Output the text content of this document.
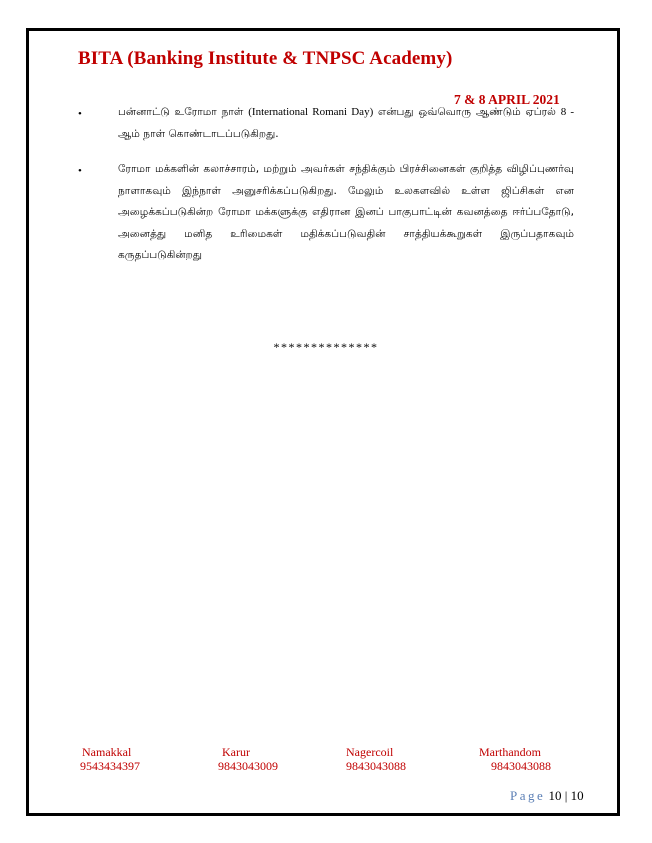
BITA (Banking Institute & TNPSC Academy)
7 & 8 APRIL 2021
•	பன்னாட்டு உரோமா நாள் (International Romani Day) என்பது ஒவ்வொரு ஆண்டும் ஏப்ரல் 8 - ஆம் நாள் கொண்டாடப்படுகிறது.
•	ரோமா மக்களின் கலாச்சாரம், மற்றும் அவர்கள் சந்திக்கும் பிரச்சினைகள் குறித்த விழிப்புணர்வு நாளாகவும் இந்நாள் அனுசரிக்கப்படுகிறது. மேலும் உலகளவில் உள்ள ஜிப்சிகள் என அழைக்கப்படுகின்ற ரோமா மக்களுக்கு எதிரான இனப் பாகுபாட்டின் கவனத்தை ஈர்ப்பதோடு, அனைத்து மனித உரிமைகள் மதிக்கப்படுவதின் சாத்தியக்கூறுகள் இருப்பதாகவும் கருதப்படுகின்றது
**************
Namakkal
9543434397
Karur
9843043009
Nagercoil
9843043088
Marthandom
9843043088
Page 10 | 10
